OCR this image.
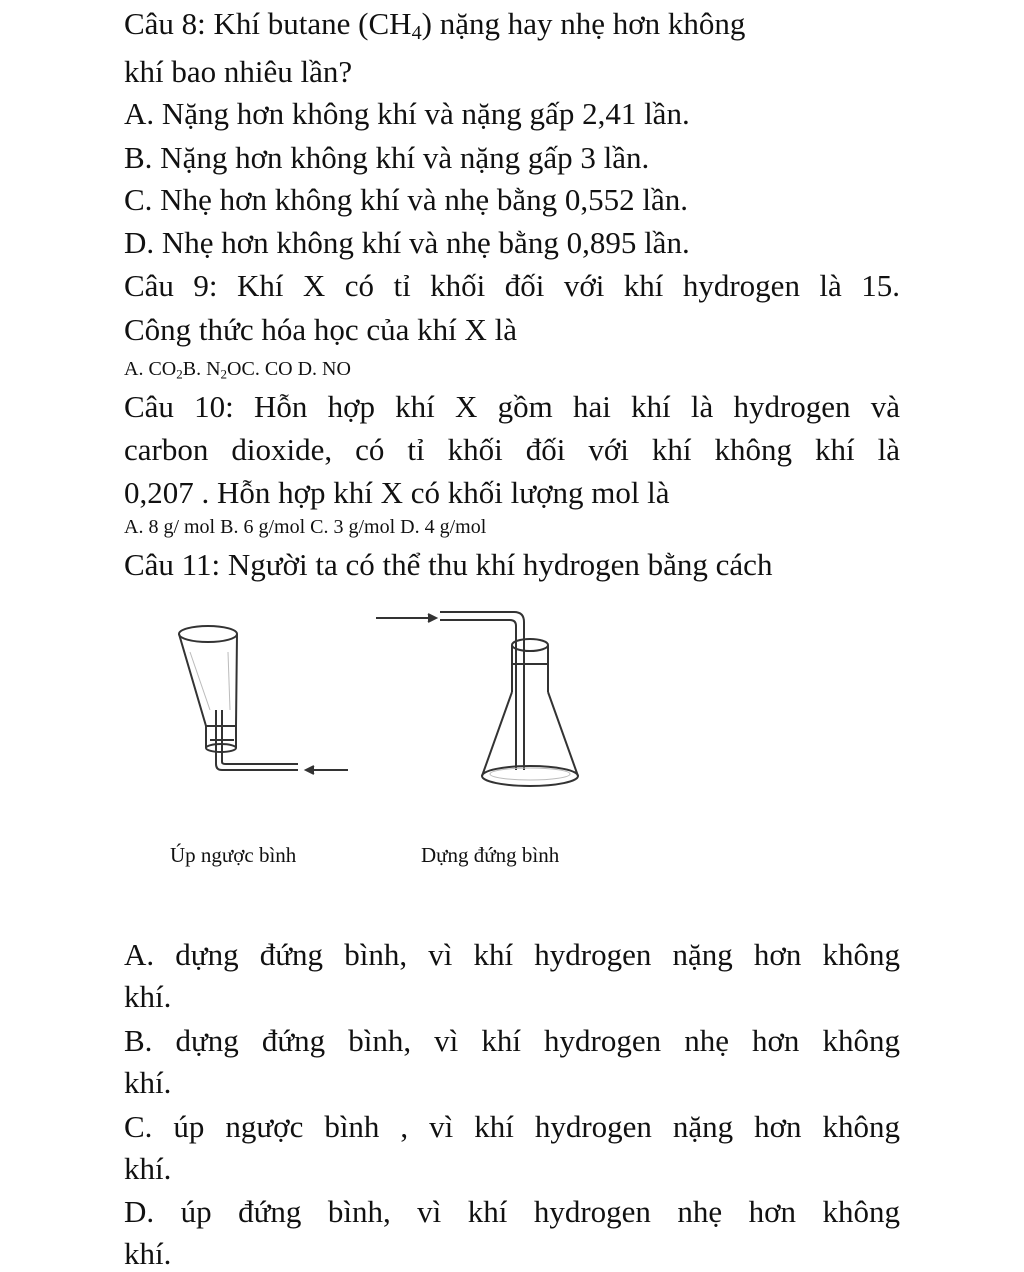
Câu 8: Khí butane $(CH_4)$ nặng hay nhẹ hơn không
khí bao nhiêu lần?
A. Nặng hơn không khí và nặng gấp 2,41 lần.
B. Nặng hơn không khí và nặng gấp 3 lần.
C. Nhẹ hơn không khí và nhẹ bằng 0,552 lần.
D. Nhẹ hơn không khí và nhẹ bằng 0,895 lần.
Câu 9: Khí X có tỉ khối đối với khí hydrogen là 15.
Công thức hóa học của khí X là
A. $CO_2B$. $N_2OC$. CO D. NO
Câu 10: Hỗn hợp khí X gồm hai khí là hydrogen và
carbon dioxide, có tỉ khối đối với khí không khí là
0,207 . Hỗn hợp khí X có khối lượng mol là
A. 8 g/ mol B. 6 g/mol C. 3 g/mol D. 4 g/mol
Câu 11: Người ta có thể thu khí hydrogen bằng cách
Úp ngược bình	Dựng đứng bình
A. dựng đứng bình, vì khí hydrogen nặng hơn không
khí.
B. dựng đứng bình, vì khí hydrogen nhẹ hơn không
khí.
C. úp ngược bình , vì khí hydrogen nặng hơn không
khí.
D. úp đứng bình, vì khí hydrogen nhẹ hơn không
khí.
